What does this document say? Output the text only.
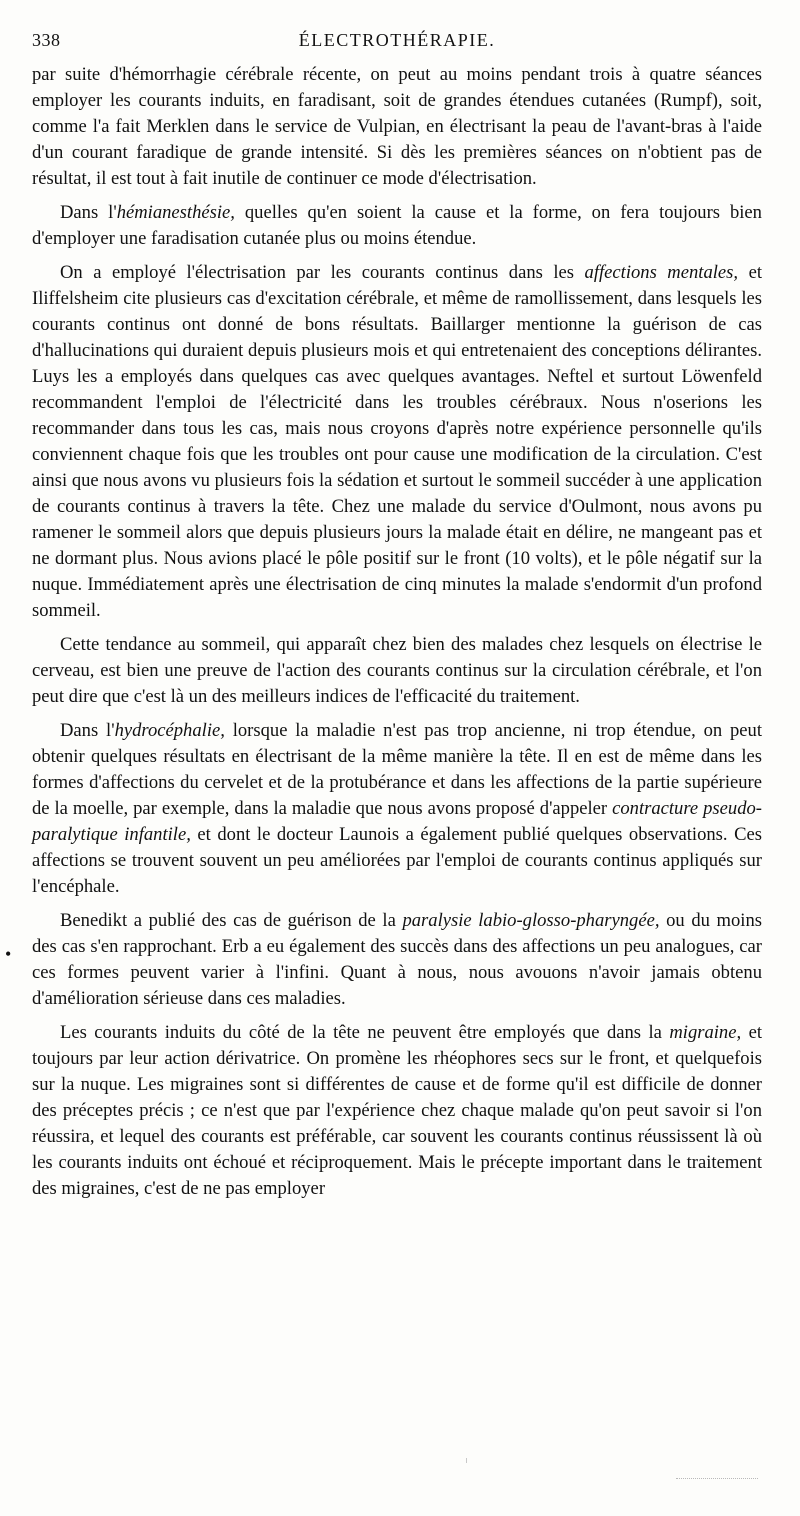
338	ÉLECTROTHÉRAPIE.

par suite d'hémorrhagie cérébrale récente, on peut au moins pendant trois à quatre séances employer les courants induits, en faradisant, soit de grandes étendues cutanées (Rumpf), soit, comme l'a fait Merklen dans le service de Vulpian, en électrisant la peau de l'avant-bras à l'aide d'un courant faradique de grande intensité. Si dès les premières séances on n'obtient pas de résultat, il est tout à fait inutile de continuer ce mode d'électrisation.

Dans l'hémianesthésie, quelles qu'en soient la cause et la forme, on fera toujours bien d'employer une faradisation cutanée plus ou moins étendue.

On a employé l'électrisation par les courants continus dans les affections mentales, et Iliffelsheim cite plusieurs cas d'excitation cérébrale, et même de ramollissement, dans lesquels les courants continus ont donné de bons résultats. Baillarger mentionne la guérison de cas d'hallucinations qui duraient depuis plusieurs mois et qui entretenaient des conceptions délirantes. Luys les a employés dans quelques cas avec quelques avantages. Neftel et surtout Löwenfeld recommandent l'emploi de l'électricité dans les troubles cérébraux. Nous n'oserions les recommander dans tous les cas, mais nous croyons d'après notre expérience personnelle qu'ils conviennent chaque fois que les troubles ont pour cause une modification de la circulation. C'est ainsi que nous avons vu plusieurs fois la sédation et surtout le sommeil succéder à une application de courants continus à travers la tête. Chez une malade du service d'Oulmont, nous avons pu ramener le sommeil alors que depuis plusieurs jours la malade était en délire, ne mangeant pas et ne dormant plus. Nous avions placé le pôle positif sur le front (10 volts), et le pôle négatif sur la nuque. Immédiatement après une électrisation de cinq minutes la malade s'endormit d'un profond sommeil.

Cette tendance au sommeil, qui apparaît chez bien des malades chez lesquels on électrise le cerveau, est bien une preuve de l'action des courants continus sur la circulation cérébrale, et l'on peut dire que c'est là un des meilleurs indices de l'efficacité du traitement.

Dans l'hydrocéphalie, lorsque la maladie n'est pas trop ancienne, ni trop étendue, on peut obtenir quelques résultats en électrisant de la même manière la tête. Il en est de même dans les formes d'affections du cervelet et de la protubérance et dans les affections de la partie supérieure de la moelle, par exemple, dans la maladie que nous avons proposé d'appeler contracture pseudo-paralytique infantile, et dont le docteur Launois a également publié quelques observations. Ces affections se trouvent souvent un peu améliorées par l'emploi de courants continus appliqués sur l'encéphale.

Benedikt a publié des cas de guérison de la paralysie labio-glosso-pharyngée, ou du moins des cas s'en rapprochant. Erb a eu également des succès dans des affections un peu analogues, car ces formes peuvent varier à l'infini. Quant à nous, nous avouons n'avoir jamais obtenu d'amélioration sérieuse dans ces maladies.

Les courants induits du côté de la tête ne peuvent être employés que dans la migraine, et toujours par leur action dérivatrice. On promène les rhéophores secs sur le front, et quelquefois sur la nuque. Les migraines sont si différentes de cause et de forme qu'il est difficile de donner des préceptes précis ; ce n'est que par l'expérience chez chaque malade qu'on peut savoir si l'on réussira, et lequel des courants est préférable, car souvent les courants continus réussissent là où les courants induits ont échoué et réciproquement. Mais le précepte important dans le traitement des migraines, c'est de ne pas employer

•
